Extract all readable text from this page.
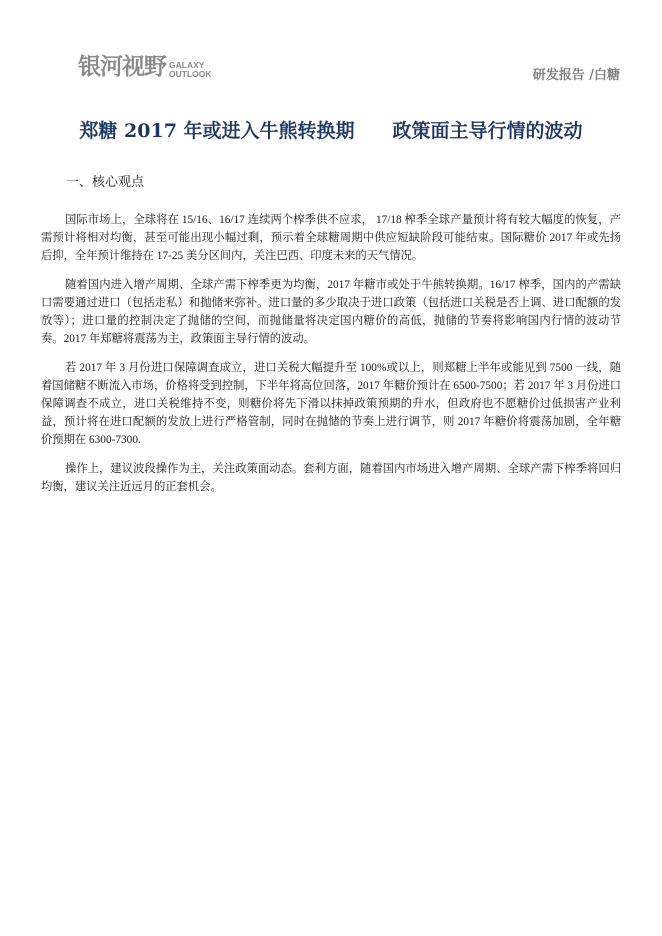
银河视野 ····· ·····
GALAXY
OUTLOOK	研发报告 /白糖
郑糖 2017 年或进入牛熊转换期 政策面主导行情的波动
一、核心观点

国际市场上，全球将在 15/16、16/17 连续两个榨季供不应求， 17/18 榨季全球产量预计将有较大幅度的恢复，产需预计将相对均衡，甚至可能出现小幅过剩，预示着全球糖周期中供应短缺阶段可能结束。国际糖价 2017 年或先扬后抑，全年预计维持在 17-25 美分区间内，关注巴西、印度未来的天气情况。

随着国内进入增产周期、全球产需下榨季更为均衡，2017 年糖市或处于牛熊转换期。16/17 榨季，国内的产需缺口需要通过进口（包括走私）和抛储来弥补。进口量的多少取决于进口政策（包括进口关税是否上调、进口配额的发放等）；进口量的控制决定了抛储的空间，而抛储量将决定国内糖价的高低，抛储的节奏将影响国内行情的波动节奏。2017 年郑糖将震荡为主，政策面主导行情的波动。

若 2017 年 3 月份进口保障调查成立，进口关税大幅提升至 100%或以上，则郑糖上半年或能见到 7500 一线，随着国储糖不断流入市场，价格将受到控制，下半年将高位回落，2017 年糖价预计在 6500-7500；若 2017 年 3 月份进口保障调查不成立，进口关税维持不变，则糖价将先下滑以抹掉政策预期的升水，但政府也不愿糖价过低损害产业利益，预计将在进口配额的发放上进行严格管制，同时在抛储的节奏上进行调节，则 2017 年糖价将震荡加剧，全年糖价预期在 6300-7300.

操作上，建议波段操作为主，关注政策面动态。套利方面，随着国内市场进入增产周期、全球产需下榨季将回归均衡，建议关注近远月的正套机会。
